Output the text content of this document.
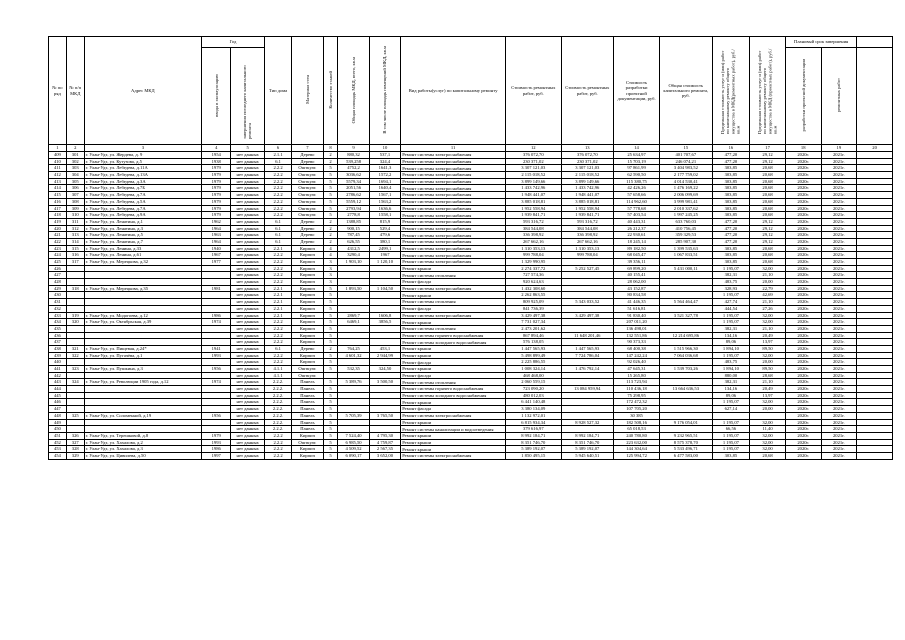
№ по ряд	№ п/п МКД	Адрес МКД	Год		Тип дома	Материал стен	Количество этажей	Общая площадь МКД, всего, кв.м	В том числе площадь помещений МКД, кв.м	Вид работы(услуг) по капитальному ремонту	Стоимость ремонтных работ, руб.	Стоимость ремонтных работ, руб.	Стоимость разработки проектной документации, руб.	Общая стоимость капитального ремонта, руб.	Предельная стоимость услуг и (или) работ по капитальному ремонту общего имущества в МКД(ремонтных работ), руб./кв.м	Предельная стоимость услуг и (или) работ по капитальному ремонту общего имущества в МКД (проектных работ), руб./кв.м	Плановый срок завершения		
			ввода в эксплуатацию	завершения последнего капитального ремонта													разработки проектной документации	ремонтных работ	
1	2	3	4	5	6	7	8	9	10	11	12	13	14	15	16	17	18	19	20
409	301	г. Улан-Удэ, ул. Жердева, д. 9	1954	нет данных	2.1.1	Дерево	2	880,32	537,1	Ремонт системы электроснабжения	376 072,70	376 072,70	25 634,97	401 707,67	477,20	29,12	2020г.	2021г.	
410	302	г. Улан-Удэ, ул. Кутузова, д.5	1938	нет данных	6.1	Дерево	2	539,258	324,4	Ремонт системы электроснабжения	230 371,02	230 371,02	15 703,19	246 074,21	477,20	29,12	2020г.	2021г.	
411	303	г. Улан-Удэ, ул. Лебедева, д.11А	1979	нет данных	2.2.2	Ошткуат.	5	4752,2	1641,3	Ремонт системы электроснабжения	3 307 121,03	3 307 121,03	97 861,99	3 404 983,52	303,85	20,68	2020г.	2021г.	
412	304	г. Улан-Удэ, ул. Лебедева, д.13А	1979	нет данных	2.2.2	Ошткуат.	5	3036,62	1572,2	Ремонт системы электроснабжения	2 115 018,52	2 115 018,52	62 590,50	2 177 759,02	303,85	20,68	2020г.	2021г.	
413	305	г. Улан-Удэ, ул. Лебедева, д.3А	1979	нет данных	2.2.2	Ошткуат.	5	5579,34	1694,1	Ремонт системы электроснабжения	3 899 149,66	3 899 149,66	115 380,75	4 014 530,41	303,85	20,68	2020г.	2021г.	
414	306	г. Улан-Удэ, ул. Лебедева, д.7Б	1979	нет данных	2.2.2	Ошткуат.	5	2051,56	1640,4	Ремонт системы электроснабжения	1 433 742,96	1 433 742,96	42 426,26	1 476 169,22	303,85	20,68	2020г.	2021г.	
415	307	г. Улан-Удэ, ул. Лебедева, д.7А	1979	нет данных	2.2.2	Ошткуат.	5	2786,62	1567,1	Ремонт системы электроснабжения	1 948 441,07	1 948 441,07	57 658,66	2 006 099,69	303,85	20,68	2020г.	2021г.	
416	308	г. Улан-Удэ, ул. Лебедева, д.5А	1979	нет данных	2.2.2	Ошткуат.	5	5559,12	1563,2	Ремонт системы электроснабжения	3 885 018,81	3 885 018,81	114 962,60	3 999 981,41	303,85	20,68	2020г.	2021г.	
417	309	г. Улан-Удэ, ул. Лебедева, д.7А	1979	нет данных	2.2.2	Ошткуат.	5	2793,94	1636,6	Ремонт системы электроснабжения	1 952 558,94	1 952 558,94	57 778,68	2 010 337,62	303,85	20,68	2020г.	2021г.	
418	310	г. Улан-Удэ, ул. Лебедева, д.9А	1979	нет данных	2.2.2	Ошткуат.	5	2778,8	1558,1	Ремонт системы электроснабжения	1 939 841,71	1 939 841,71	57 403,54	1 997 245,25	303,85	20,68	2020г.	2021г.	
419	311	г. Улан-Удэ, ул. Ленатина, д.1	1962	нет данных	6.1	Дерево	2	1388,85	815,9	Ремонт системы электроснабжения	593 316,72	593 316,72	40 443,31	633 760,03	477,20	29,12	2020г.	2021г.	
420	312	г. Улан-Удэ, ул. Ленатина, д.3	1964	нет данных	6.1	Дерево	2	900,15	529,4	Ремонт системы электроснабжения	384 544,08	384 544,08	26 212,37	410 756,45	477,20	29,12	2020г.	2021г.	
421	313	г. Улан-Удэ, ул. Ленатина, д.5	1963	нет данных	6.1	Дерево	2	787,45	479,6	Ремонт системы электроснабжения	336 398,92	336 398,92	22 930,61	359 329,53	477,20	29,12	2020г.	2021г.	
422	314	г. Улан-Удэ, ул. Ленатина, д.7	1964	нет данных	6.1	Дерево	2	626,55	380,1	Ремонт системы электроснабжения	267 662,16	267 662,16	18 245,14	285 907,30	477,20	29,12	2020г.	2021г.	
423	315	г. Улан-Удэ, ул. Ленина, д.33	1940	нет данных	2.2.1	Кирпич	4	4312,5	2499,1	Ремонт системы электроснабжения	1 310 353,13	1 310 353,13	89 182,50	1 399 535,63	303,85	20,68	2020г.	2021г.	
424	316	г. Улан-Удэ, ул. Ленина, д.61	1967	нет данных	2.2.2	Кирпич	4	3290,4	1967	Ремонт системы электроснабжения	999 788,04	999 788,04	68 045,47	1 067 833,51	303,85	20,68	2020г.	2021г.	
425	317	г. Улан-Удэ, ул. Мерецкова, д.32	1977	нет данных	2.2.2	Кирпич	3	1 903,10	1 120,10	Ремонт системы электроснабжения	1 329 990,95		39 356,11		303,85	20,68	2020г.	2021г.	
426				нет данных	2.2.2	Кирпич	3			Ремонт крыши	2 274 337,72	5 252 527,45	69 899,20	5 431 000,11	1 195,07	32,00	2020г.	2021г.	
427				нет данных	2.2.2	Кирпич	3			Ремонт системы отопления	727 574,36		40 155,41		382,31	21,10	2020г.	2021г.	
428				нет данных	2.2.2	Кирпич	3			Ремонт фасада	920 624,63		28 062,00		483,75	20,00	2020г.	2021г.	
429	318	г. Улан-Удэ, ул. Мерецкова, д.35	1981	нет данных	2.2.1	Кирпич	5	1 893,50	1 104,50	Ремонт системы электроснабжения	1 432 308,60		43 152,87		328,93	22,79	2020г.	2021г.	
430				нет данных	2.2.1	Кирпич	5			Ремонт крыши	2 262 863,55		80 834,58		1 195,07	42,69	2020г.	2021г.	
431				нет данных	2.2.1	Кирпич	5			Ремонт системы отопления	809 925,09	5 343 033,52	41 446,35	5 564 464,47	427,74	21,10	2020г.	2021г.	
432				нет данных	2.2.1	Кирпич	5			Ремонт фасада	841 736,39		51 616,81		444,54	27,26	2020г.	2021г.	
433	319	г. Улан-Удэ, ул. Модогоева, д.12	1986	нет данных	2.2.1	Кирпич	5	2869,7	1606,8	Ремонт системы электроснабжения	3 429 497,38	3 429 497,38	91 830,40	3 521 327,78	1 195,07	32,00	2020г.	2021г.	
434	320	г. Улан-Удэ, ул. Октябрьская, д.39	1974	нет данных	2.2.2	Кирпич	5	6469,1	3856,5	Ремонт крыши	7 731 027,34		207 011,20		1 195,07	32,00	2020г.	2021г.	
435				нет данных	2.2.2	Кирпич	5			Ремонт системы отопления	2 473 201,62		136 498,01		382,31	21,10	2020г.	2021г.	
436				нет данных	2.2.2	Кирпич	5			Ремонт системы горячего водоснабжения	867 894,46	11 648 201,46	132 551,86	12 214 695,86	134,16	20,49	2020г.	2021г.	
437				нет данных	2.2.2	Кирпич	5			Ремонт системы холодного водоснабжения	576 138,05		90 373,33		89,06	13,97	2020г.	2021г.	
438	321	г. Улан-Удэ, ул. Пищевая, д.24*	1941	нет данных	6.1	Дерево	2	764,25	453,1	Ремонт крыши	1 447 565,93	1 447 565,93	68 400,38	1 515 966,30	1 894,10	89,50	2020г.	2021г.	
439	322	г. Улан-Удэ, ул. Пугачёва, д.1	1993	нет данных	2.2.2	Кирпич	5	4 601,32	2 944,99	Ремонт крыши	5 498 899,49	7 724 786,04	147 242,24	7 064 036,68	1 195,07	32,00	2020г.	2021г.	
440				нет данных	2.2.2	Кирпич	5			Ремонт фасада	2 225 886,55		92 026,40		483,75	20,00	2020г.	2021г.	
441	323	г. Улан-Удэ, ул. Пушкина, д.3	1956	нет данных	4.1.1	Ошткуат.	5	532,35	324,50	Ремонт крыши	1 008 324,14	1 476 792,14	47 645,31	1 539 703,26	1 894,10	89,50	2020г.	2021г.	
442				нет данных	4.1.1	Ошткуат.				Ремонт фасада	468 468,00		15 265,80		880,00	28,68	2020г.	2021г.	
443	324	г. Улан-Удэ, ул. Революции 1905 года, д.12	1974	нет данных	2.2.2.	Панель	5	5 389,76	3 500,50	Ремонт системы отопления	2 060 559,15		113 723,94		382,31	21,10	2020г.	2021г.	
444				нет данных	2.2.2.	Панель	5			Ремонт системы горячего водоснабжения	723 090,20	13 084 959,94	110 436,18	13 664 636,53	134,16	20,49	2020г.	2021г.	
445				нет данных	2.2.2.	Панель	5			Ремонт системы холодного водоснабжения	480 012,03		75 298,95		89,06	13,97	2020г.	2021г.	
446				нет данных	2.2.2.	Панель	5			Ремонт крыши	6 441 140,48		172 472,32		1 195,07	32,00	2020г.	2021г.	
447				нет данных	2.2.2.	Панель	5			Ремонт фасада	3 380 134,09		107 705,20		627,14	20,00	2020г.	2021г.	
448	325	г. Улан-Удэ, ул. Соломенной, д.19	1956	нет данных	2.2.2.	Панель	5	5 705,39	3 765,50	Ремонт системы электроснабжения	1 132 972,01		30 385				2020г.	2021г.	
449				нет данных	2.2.2.	Панель	5			Ремонт крыши	6 815 934,34	8 928 527,32	182 508,16	9 176 054,01	1 195,07	32,00	2020г.	2021г.	
450				нет данных	2.2.2.	Панель	5			Ремонт системы канализации и водоотведения	379 616,97		65 018,53		66,56	11,40	2020г.	2021г.	
451	326	г. Улан-Удэ, ул. Терешковой, д.8	1979	нет данных	2.2.2	Кирпич	5	7 524,40	4 795,30	Ремонт крыши	8 992 184,71	8 992 184,71	240 780,80	9 232 965,51	1 195,07	32,00	2020г.	2021г.	
452	327	г. Улан-Удэ, ул. Хахалова, д.2	1993	нет данных	2.2.2	Ошткуат.	5	6 985,50	4 759,87	Ремонт крыши	8 351 746,70	8 351 746,70	223 632,00	8 575 378,70	1 195,07	32,00	2020г.	2021г.	
453	328	г. Улан-Удэ, ул. Хахалова, д.3	1986	нет данных	2.2.2	Кирпич	5	4 509,52	2 567,35	Ремонт крыши	5 389 192,07	5 389 192,07	144 304,64	5 533 496,71	1 195,07	32,00	2020г.	2021г.	
454	329	г. Улан-Удэ, ул. Цивилева, д.50	1997	нет данных	2.2.2	Кирпич	5	6 090,17	3 652,00	Ремонт системы электроснабжения	1 850 495,15	5 945 640,51	125 994,72	6 477 583,00	303,85	20,68	2020г.	2021г.	
